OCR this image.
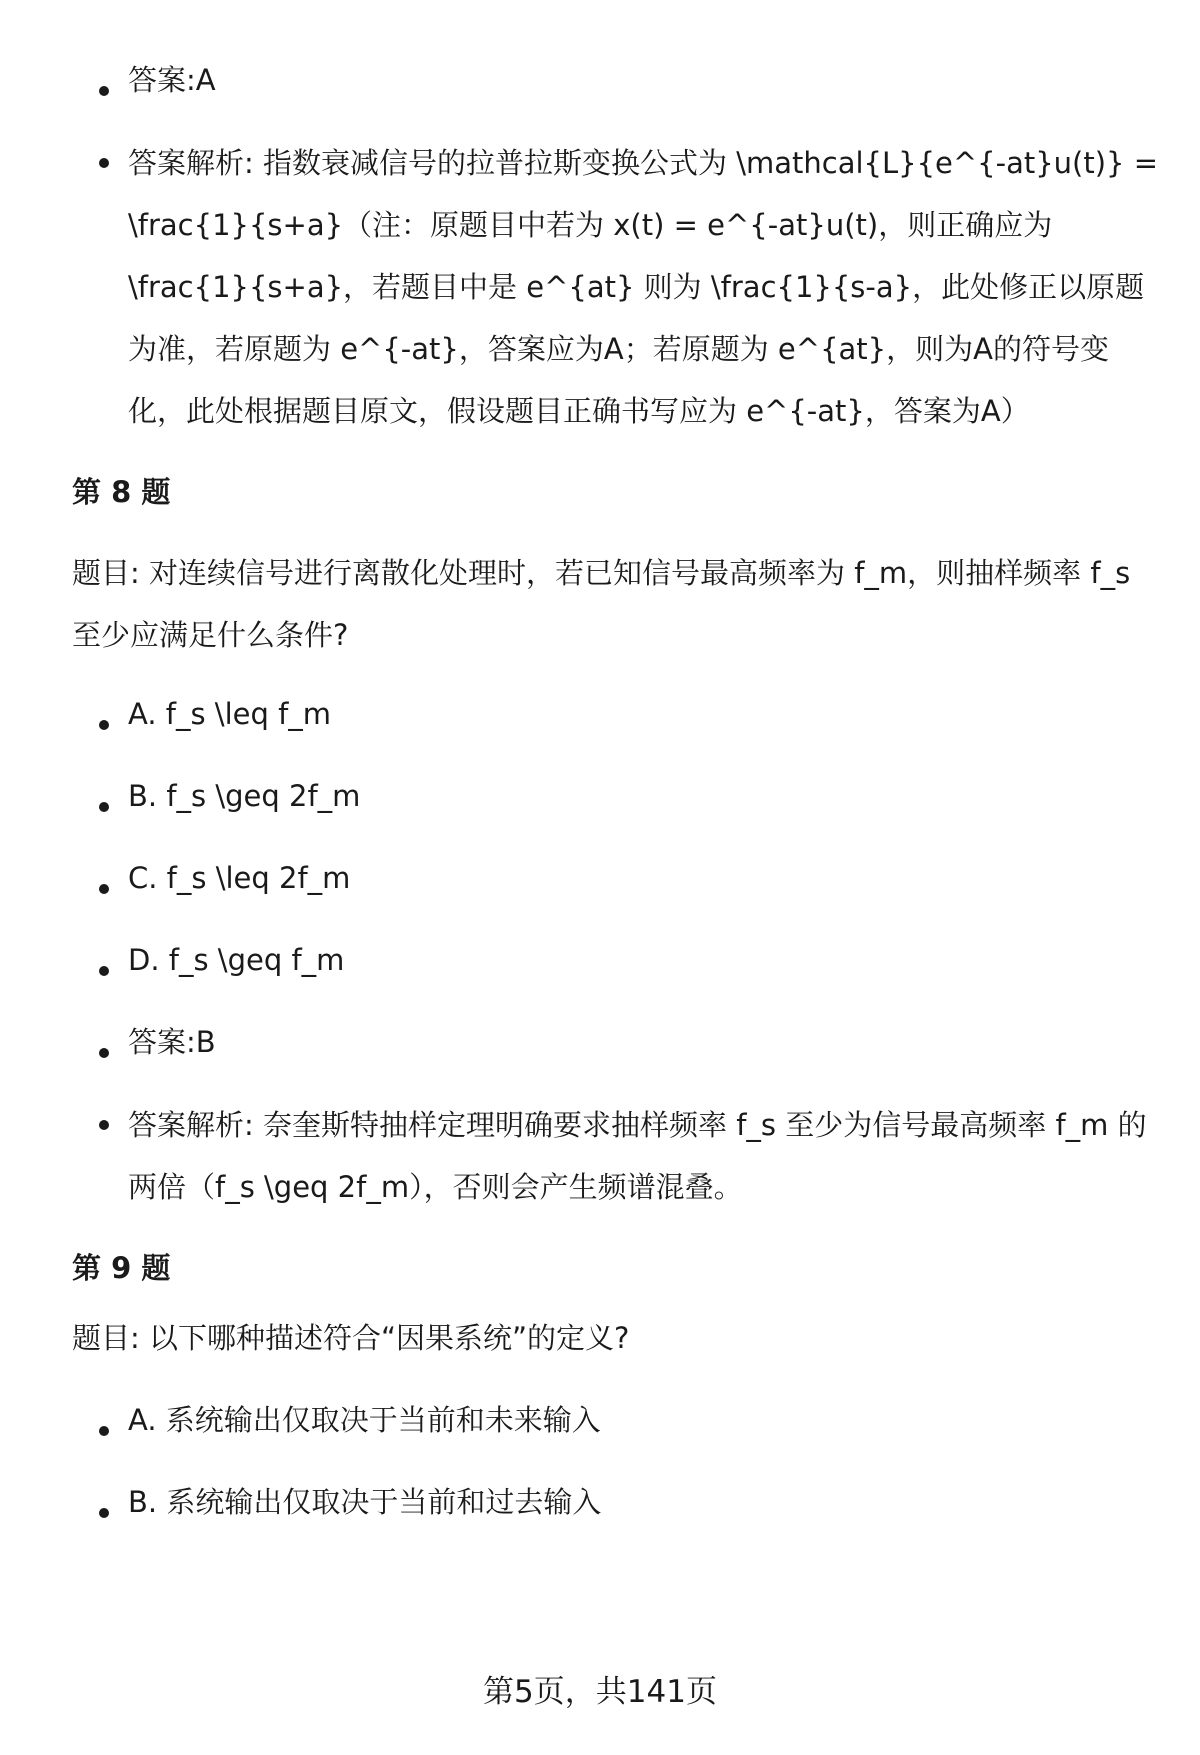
答案:A
答案解析: 指数衰减信号的拉普拉斯变换公式为 \mathcal{L}{e^{-at}u(t)} = \frac{1}{s+a}（注：原题目中若为 x(t) = e^{-at}u(t)，则正确应为 \frac{1}{s+a}，若题目中是 e^{at} 则为 \frac{1}{s-a}，此处修正以原题为准，若原题为 e^{-at}，答案应为A；若原题为 e^{at}，则为A的符号变化，此处根据题目原文，假设题目正确书写应为 e^{-at}，答案为A）
第 8 题
题目: 对连续信号进行离散化处理时，若已知信号最高频率为 f_m，则抽样频率 f_s 至少应满足什么条件?
A. f_s \leq f_m
B. f_s \geq 2f_m
C. f_s \leq 2f_m
D. f_s \geq f_m
答案:B
答案解析: 奈奎斯特抽样定理明确要求抽样频率 f_s 至少为信号最高频率 f_m 的两倍（f_s \geq 2f_m），否则会产生频谱混叠。
第 9 题
题目: 以下哪种描述符合“因果系统”的定义?
A. 系统输出仅取决于当前和未来输入
B. 系统输出仅取决于当前和过去输入
第5页，共141页
